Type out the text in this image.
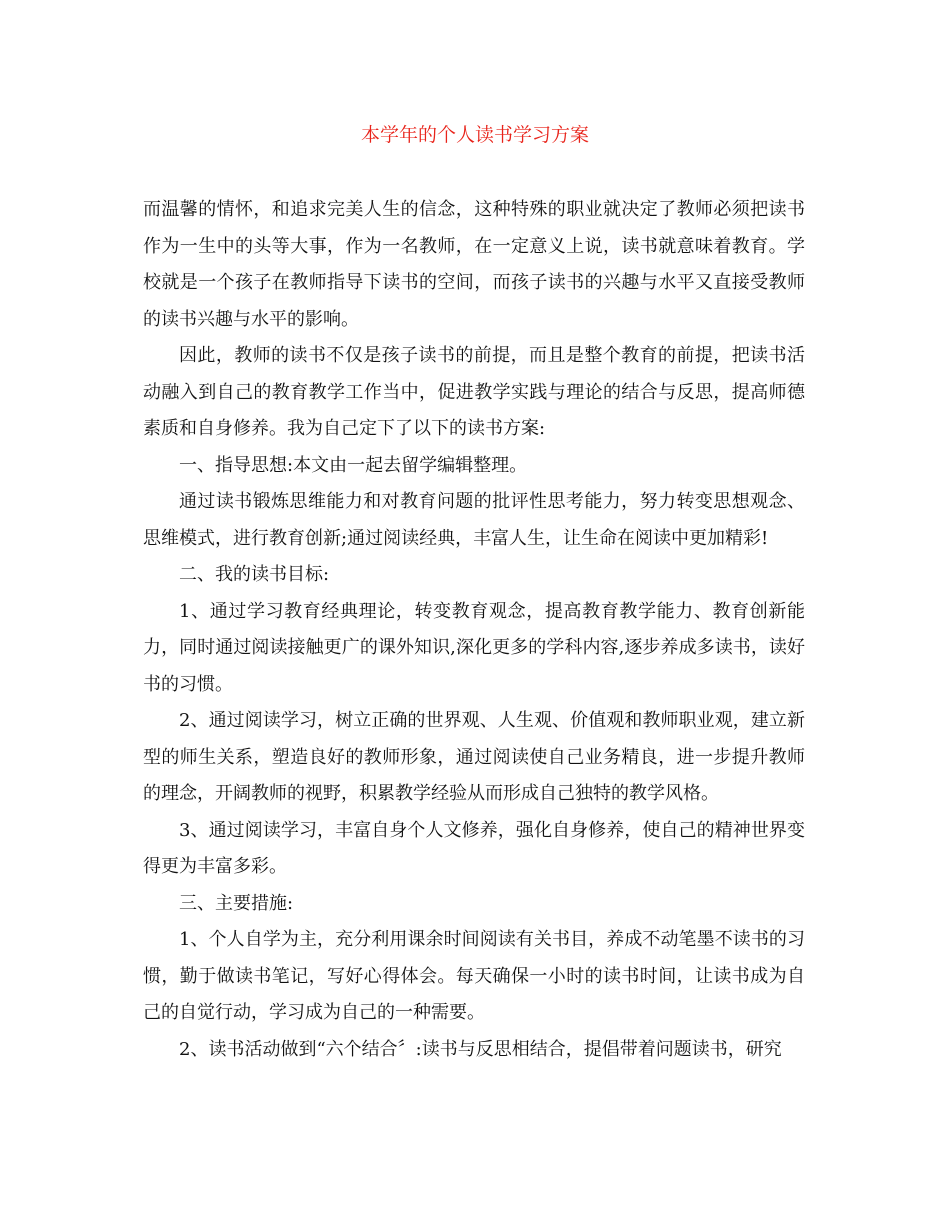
本学年的个人读书学习方案

而温馨的情怀，和追求完美人生的信念，这种特殊的职业就决定了教师必须把读书作为一生中的头等大事，作为一名教师，在一定意义上说，读书就意味着教育。学校就是一个孩子在教师指导下读书的空间，而孩子读书的兴趣与水平又直接受教师的读书兴趣与水平的影响。

因此，教师的读书不仅是孩子读书的前提，而且是整个教育的前提，把读书活动融入到自己的教育教学工作当中，促进教学实践与理论的结合与反思，提高师德素质和自身修养。我为自己定下了以下的读书方案:

一、指导思想:本文由一起去留学编辑整理。

通过读书锻炼思维能力和对教育问题的批评性思考能力，努力转变思想观念、思维模式，进行教育创新;通过阅读经典，丰富人生，让生命在阅读中更加精彩!

二、我的读书目标:

1、通过学习教育经典理论，转变教育观念，提高教育教学能力、教育创新能力，同时通过阅读接触更广的课外知识,深化更多的学科内容,逐步养成多读书，读好书的习惯。

2、通过阅读学习，树立正确的世界观、人生观、价值观和教师职业观，建立新型的师生关系，塑造良好的教师形象，通过阅读使自己业务精良，进一步提升教师的理念，开阔教师的视野，积累教学经验从而形成自己独特的教学风格。

3、通过阅读学习，丰富自身个人文修养，强化自身修养，使自己的精神世界变得更为丰富多彩。

三、主要措施:

1、个人自学为主，充分利用课余时间阅读有关书目，养成不动笔墨不读书的习惯，勤于做读书笔记，写好心得体会。每天确保一小时的读书时间，让读书成为自己的自觉行动，学习成为自己的一种需要。

2、读书活动做到“六个结合〞:读书与反思相结合，提倡带着问题读书，研究
